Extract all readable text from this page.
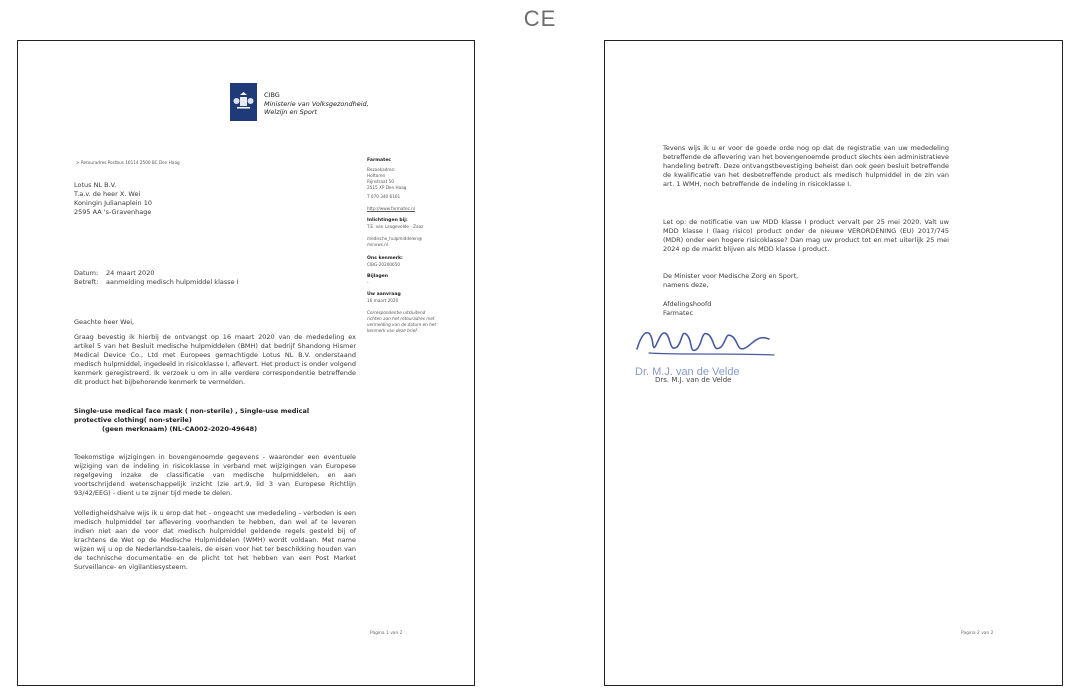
CE
CIBG
Ministerie van Volksgezondheid,
Welzijn en Sport
> Retouradres Postbus 16114 2500 BC Den Haag
Lotus NL B.V.
T.a.v. de heer X. Wei
Koningin Julianaplein 10
2595 AA 's-Gravenhage
Farmatec
Bezoekadres:
Hoftoren
Rijnstraat 50
2515 XP Den Haag
T 070 340 6161
http://www.farmatec.nl
Inlichtingen bij:
T.E. van Langevelde - Zaaz
medische_hulpmiddelen@
minvws.nl
Ons kenmerk:
CIBG-20200650
Bijlagen
-
Uw aanvraag
16 maart 2020
Correspondentie uitsluitend
richten aan het retouradres met
vermelding van de datum en het
kenmerk van deze brief.
Datum: 24 maart 2020
Betreft: aanmelding medisch hulpmiddel klasse I
Geachte heer Wei,
Graag bevestig ik hierbij de ontvangst op 16 maart 2020 van de mededeling ex artikel 5 van het Besluit medische hulpmiddelen (BMH) dat bedrijf Shandong Hismer Medical Device Co., Ltd met Europees gemachtigde Lotus NL B.V. onderstaand medisch hulpmiddel, ingedeeld in risicoklasse I, aflevert. Het product is onder volgend kenmerk geregistreerd. Ik verzoek u om in alle verdere correspondentie betreffende dit product het bijbehorende kenmerk te vermelden.
Single-use medical face mask ( non-sterile) , Single-use medical
protective clothing( non-sterile)
(geen merknaam) (NL-CA002-2020-49648)
Toekomstige wijzigingen in bovengenoemde gegevens - waaronder een eventuele wijziging van de indeling in risicoklasse in verband met wijzigingen van Europese regelgeving inzake de classificatie van medische hulpmiddelen, en aan voortschrijdend wetenschappelijk inzicht (zie art.9, lid 3 van Europese Richtlijn 93/42/EEG) - dient u te zijner tijd mede te delen.
Volledigheidshalve wijs ik u erop dat het - ongeacht uw mededeling - verboden is een medisch hulpmiddel ter aflevering voorhanden te hebben, dan wel af te leveren indien niet aan de voor dat medisch hulpmiddel geldende regels gesteld bij of krachtens de Wet op de Medische Hulpmiddelen (WMH) wordt voldaan. Met name wijzen wij u op de Nederlandse-taaleis, de eisen voor het ter beschikking houden van de technische documentatie en de plicht tot het hebben van een Post Market Surveillance- en vigilantiesysteem.
Pagina 1 van 2
Tevens wijs ik u er voor de goede orde nog op dat de registratie van uw mededeling betreffende de aflevering van het bovengenoemde product slechts een administratieve handeling betreft. Deze ontvangstbevestiging beheist dan ook geen besluit betreffende de kwalificatie van het desbetreffende product als medisch hulpmiddel in de zin van art. 1 WMH, noch betreffende de indeling in risicoklasse I.
Let op: de notificatie van uw MDD klasse I product vervalt per 25 mei 2020. Valt uw MDD klasse I (laag risico) product onder de nieuwe VERORDENING (EU) 2017/745 (MDR) onder een hogere risicoklasse? Dan mag uw product tot en met uiterlijk 25 mei 2024 op de markt blijven als MDD klasse I product.
De Minister voor Medische Zorg en Sport,
namens deze,
Afdelingshoofd
Farmatec
Dr. M.J. van de Velde
Drs. M.J. van de Velde
Pagina 2 van 2
